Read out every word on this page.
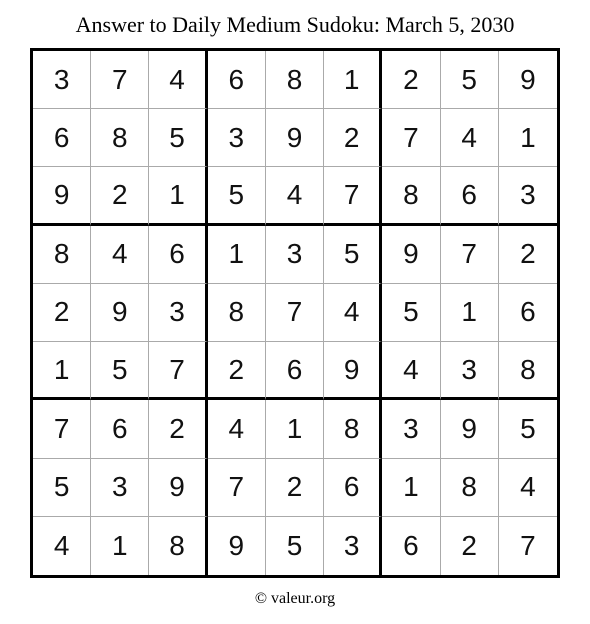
Answer to Daily Medium Sudoku: March 5, 2030
3	7	4	6	8	1	2	5	9
6	8	5	3	9	2	7	4	1
9	2	1	5	4	7	8	6	3
8	4	6	1	3	5	9	7	2
2	9	3	8	7	4	5	1	6
1	5	7	2	6	9	4	3	8
7	6	2	4	1	8	3	9	5
5	3	9	7	2	6	1	8	4
4	1	8	9	5	3	6	2	7
© valeur.org
